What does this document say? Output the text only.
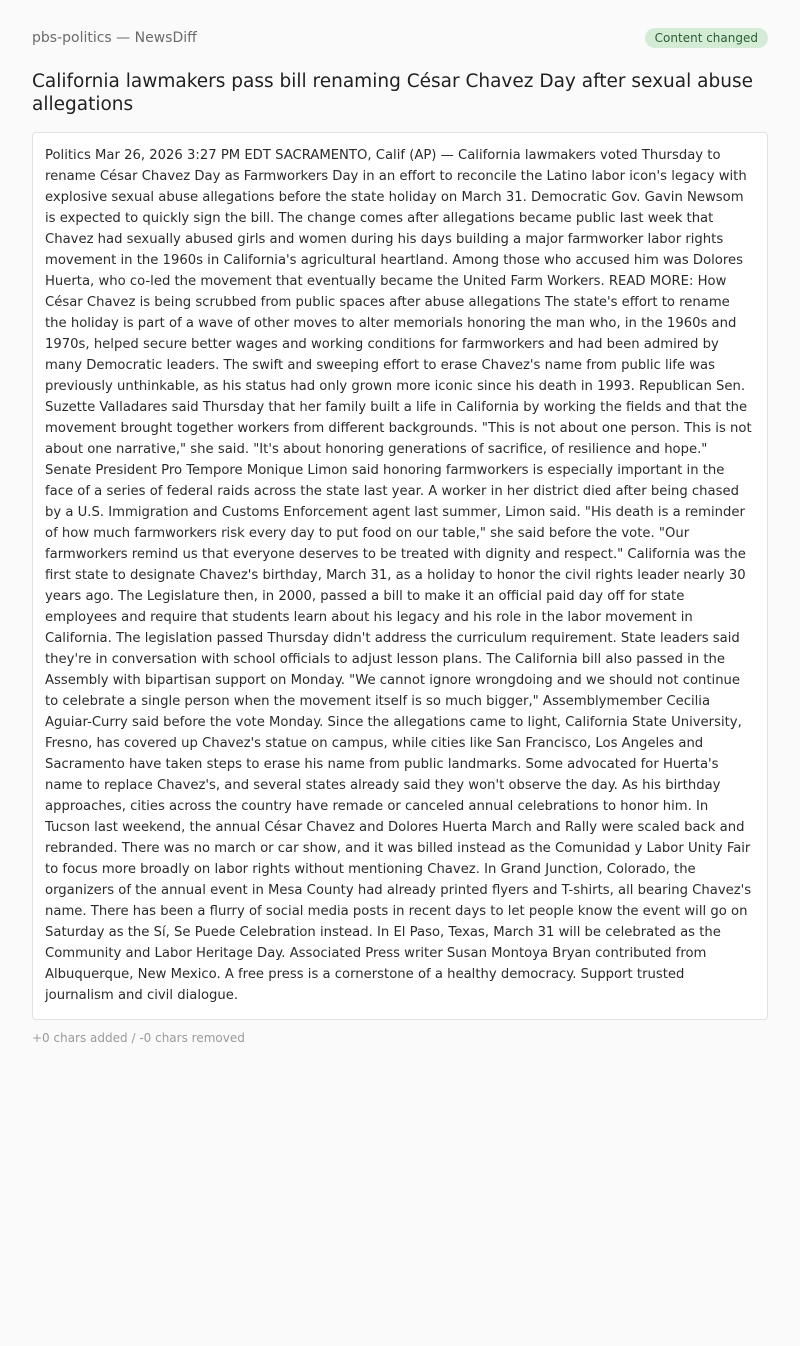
pbs-politics — NewsDiff	Content changed
California lawmakers pass bill renaming César Chavez Day after sexual abuse allegations
Politics Mar 26, 2026 3:27 PM EDT SACRAMENTO, Calif (AP) — California lawmakers voted Thursday to rename César Chavez Day as Farmworkers Day in an effort to reconcile the Latino labor icon's legacy with explosive sexual abuse allegations before the state holiday on March 31. Democratic Gov. Gavin Newsom is expected to quickly sign the bill. The change comes after allegations became public last week that Chavez had sexually abused girls and women during his days building a major farmworker labor rights movement in the 1960s in California's agricultural heartland. Among those who accused him was Dolores Huerta, who co-led the movement that eventually became the United Farm Workers. READ MORE: How César Chavez is being scrubbed from public spaces after abuse allegations The state's effort to rename the holiday is part of a wave of other moves to alter memorials honoring the man who, in the 1960s and 1970s, helped secure better wages and working conditions for farmworkers and had been admired by many Democratic leaders. The swift and sweeping effort to erase Chavez's name from public life was previously unthinkable, as his status had only grown more iconic since his death in 1993. Republican Sen. Suzette Valladares said Thursday that her family built a life in California by working the fields and that the movement brought together workers from different backgrounds. "This is not about one person. This is not about one narrative," she said. "It's about honoring generations of sacrifice, of resilience and hope." Senate President Pro Tempore Monique Limon said honoring farmworkers is especially important in the face of a series of federal raids across the state last year. A worker in her district died after being chased by a U.S. Immigration and Customs Enforcement agent last summer, Limon said. "His death is a reminder of how much farmworkers risk every day to put food on our table," she said before the vote. "Our farmworkers remind us that everyone deserves to be treated with dignity and respect." California was the first state to designate Chavez's birthday, March 31, as a holiday to honor the civil rights leader nearly 30 years ago. The Legislature then, in 2000, passed a bill to make it an official paid day off for state employees and require that students learn about his legacy and his role in the labor movement in California. The legislation passed Thursday didn't address the curriculum requirement. State leaders said they're in conversation with school officials to adjust lesson plans. The California bill also passed in the Assembly with bipartisan support on Monday. "We cannot ignore wrongdoing and we should not continue to celebrate a single person when the movement itself is so much bigger," Assemblymember Cecilia Aguiar-Curry said before the vote Monday. Since the allegations came to light, California State University, Fresno, has covered up Chavez's statue on campus, while cities like San Francisco, Los Angeles and Sacramento have taken steps to erase his name from public landmarks. Some advocated for Huerta's name to replace Chavez's, and several states already said they won't observe the day. As his birthday approaches, cities across the country have remade or canceled annual celebrations to honor him. In Tucson last weekend, the annual César Chavez and Dolores Huerta March and Rally were scaled back and rebranded. There was no march or car show, and it was billed instead as the Comunidad y Labor Unity Fair to focus more broadly on labor rights without mentioning Chavez. In Grand Junction, Colorado, the organizers of the annual event in Mesa County had already printed flyers and T-shirts, all bearing Chavez's name. There has been a flurry of social media posts in recent days to let people know the event will go on Saturday as the Sí, Se Puede Celebration instead. In El Paso, Texas, March 31 will be celebrated as the Community and Labor Heritage Day. Associated Press writer Susan Montoya Bryan contributed from Albuquerque, New Mexico. A free press is a cornerstone of a healthy democracy. Support trusted journalism and civil dialogue.
+0 chars added / -0 chars removed
